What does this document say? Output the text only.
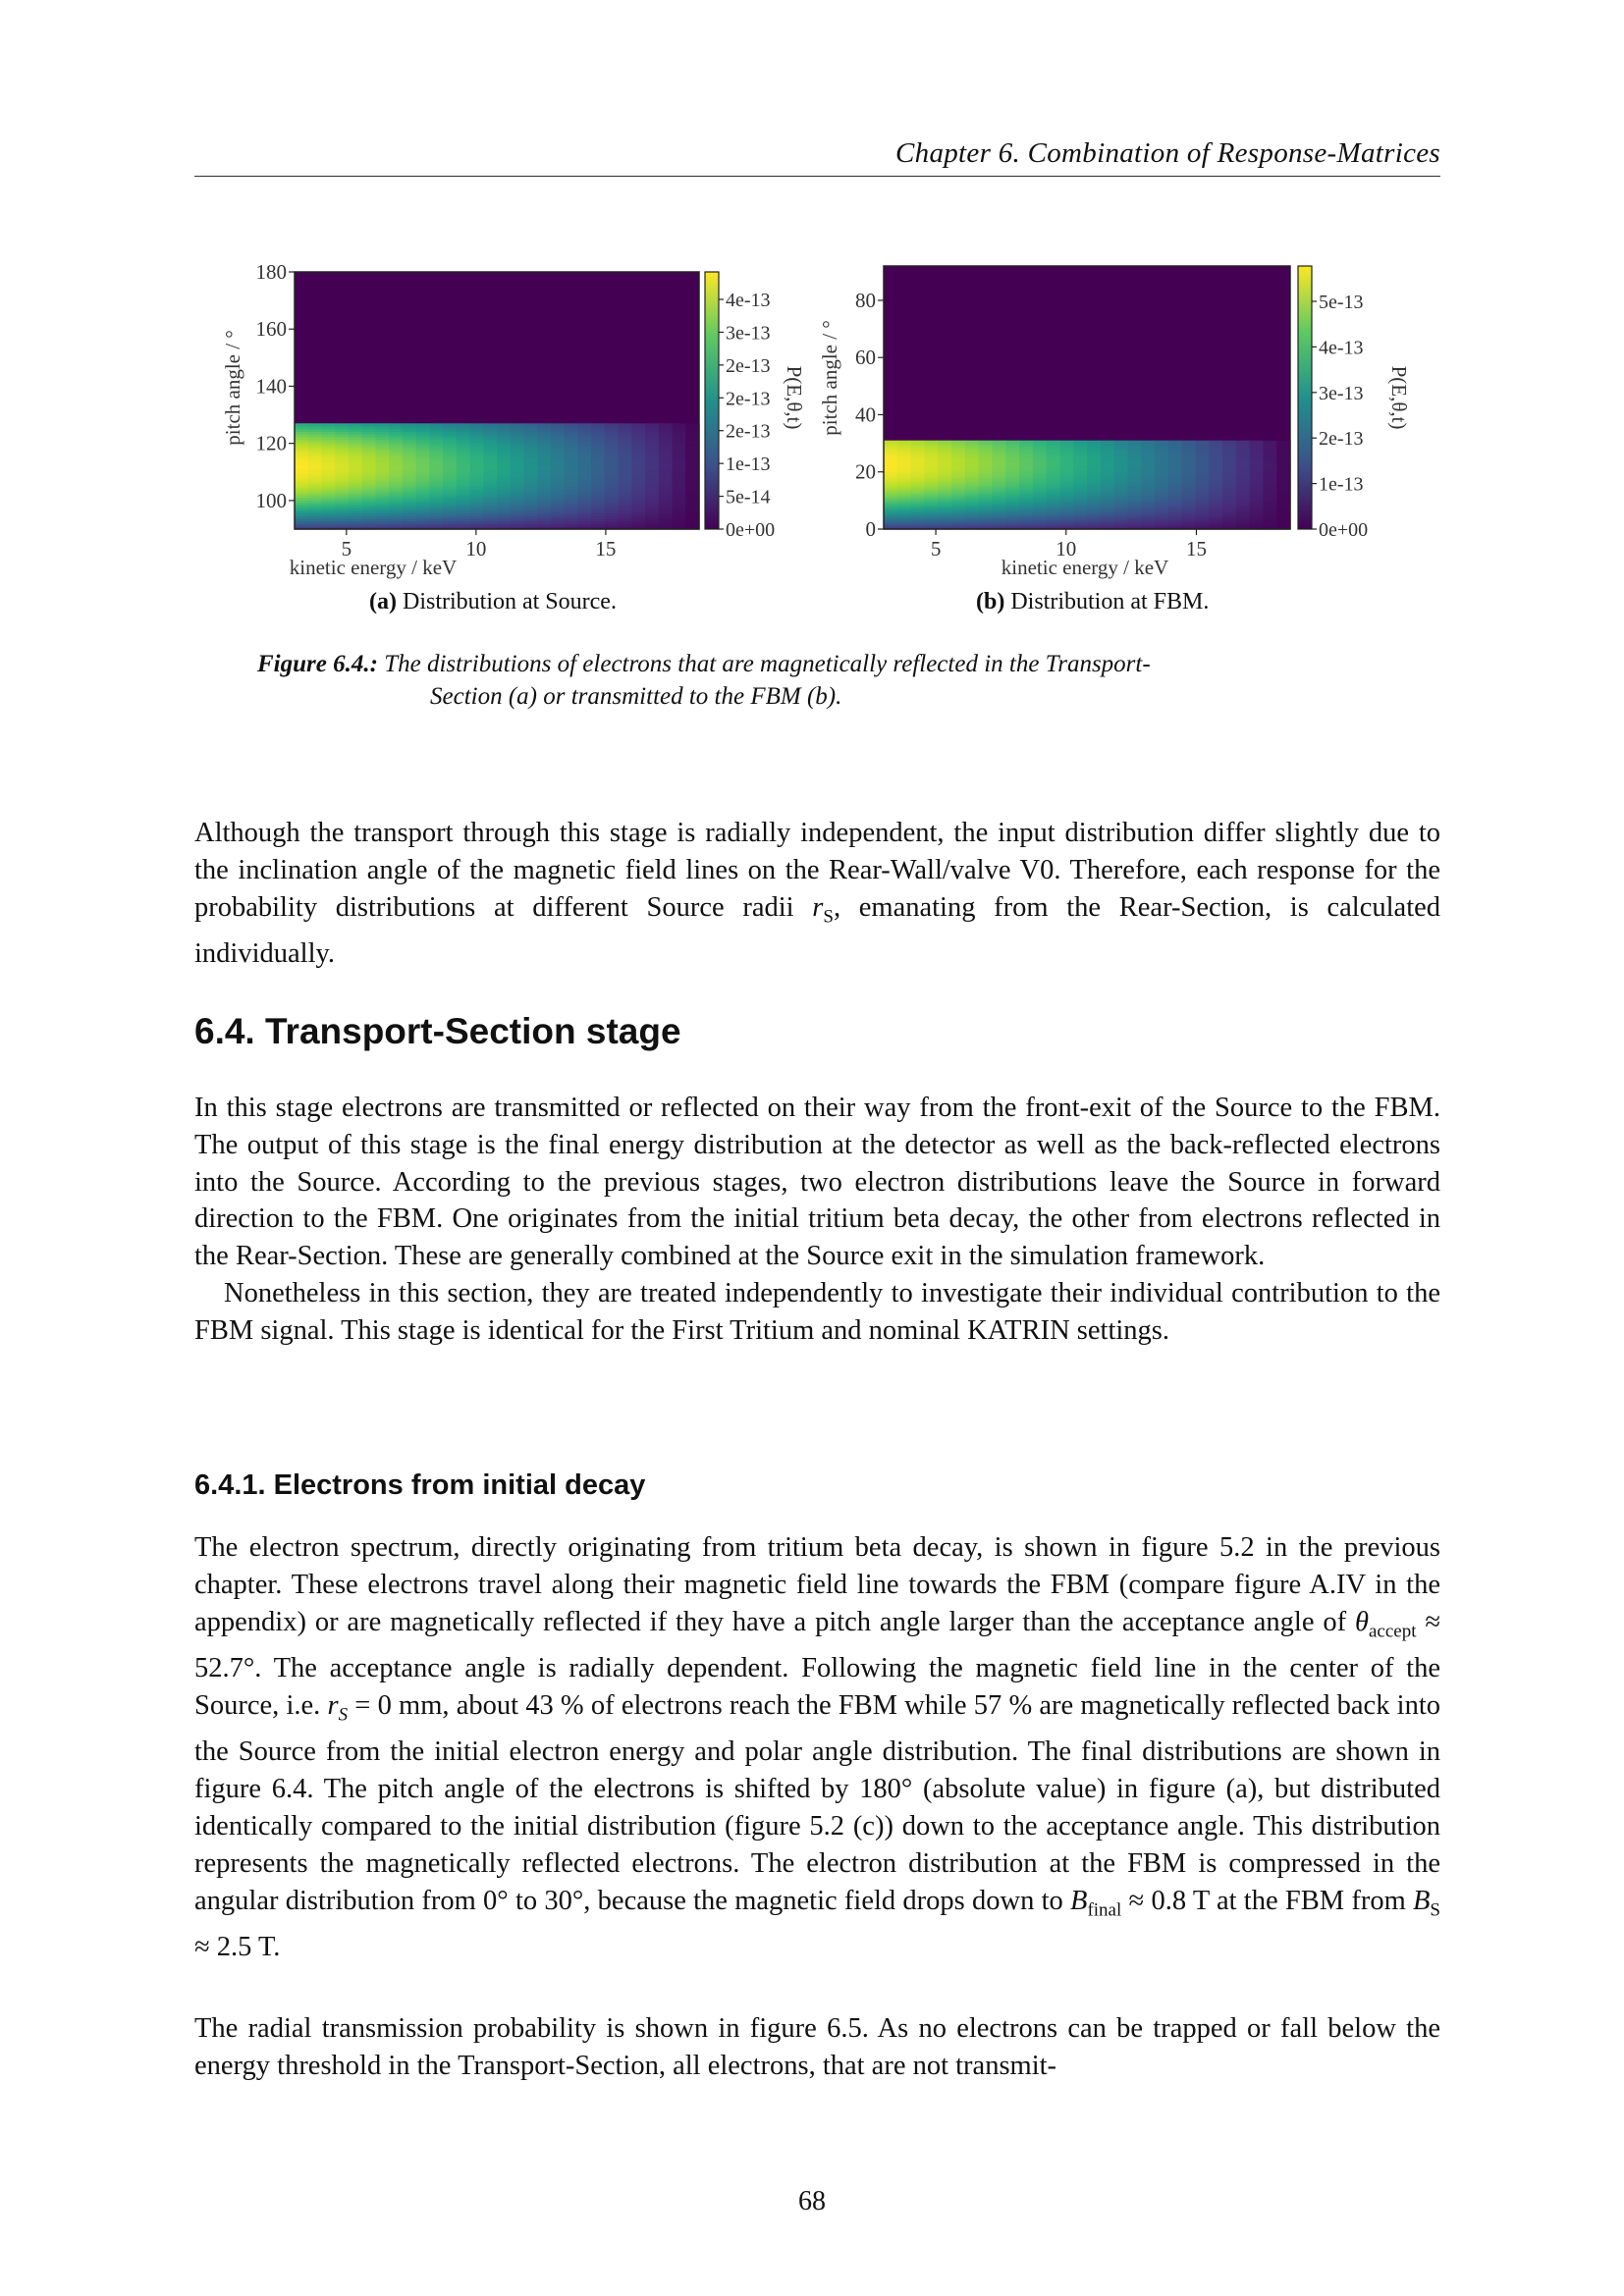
Chapter 6. Combination of Response-Matrices
5	10	15
100
120
140
160
180
4e-13
3e-13
2e-13
2e-13
2e-13
1e-13
5e-14
0e+00
kinetic energy / keV
pitch angle / °	P(E,θ,t)
5	10	15
0
20
40
60
80	5e-13
4e-13
3e-13
2e-13
1e-13
0e+00
kinetic energy / keV
pitch angle / °	P(E,θ,t)
(a) Distribution at Source.	(b) Distribution at FBM.
Figure 6.4.: The distributions of electrons that are magnetically reflected in the Transport-
Section (a) or transmitted to the FBM (b).

Although the transport through this stage is radially independent, the input distribution differ slightly due to the inclination angle of the magnetic field lines on the Rear-Wall/valve V0. Therefore, each response for the probability distributions at different Source radii $r_S$, emanating from the Rear-Section, is calculated individually.

6.4. Transport-Section stage

In this stage electrons are transmitted or reflected on their way from the front-exit of the Source to the FBM. The output of this stage is the final energy distribution at the detector as well as the back-reflected electrons into the Source. According to the previous stages, two electron distributions leave the Source in forward direction to the FBM. One originates from the initial tritium beta decay, the other from electrons reflected in the Rear-Section. These are generally combined at the Source exit in the simulation framework.

Nonetheless in this section, they are treated independently to investigate their individual contribution to the FBM signal. This stage is identical for the First Tritium and nominal KATRIN settings.

6.4.1. Electrons from initial decay

The electron spectrum, directly originating from tritium beta decay, is shown in figure 5.2 in the previous chapter. These electrons travel along their magnetic field line towards the FBM (compare figure A.IV in the appendix) or are magnetically reflected if they have a pitch angle larger than the acceptance angle of $\theta_{accept} \approx 52.7^\circ$. The acceptance angle is radially dependent. Following the magnetic field line in the center of the Source, i.e. $r_S = 0$ mm, about 43 % of electrons reach the FBM while 57 % are magnetically reflected back into the Source from the initial electron energy and polar angle distribution. The final distributions are shown in figure 6.4. The pitch angle of the electrons is shifted by 180° (absolute value) in figure (a), but distributed identically compared to the initial distribution (figure 5.2 (c)) down to the acceptance angle. This distribution represents the magnetically reflected electrons. The electron distribution at the FBM is compressed in the angular distribution from 0° to 30°, because the magnetic field drops down to $B_{final} \approx 0.8$ T at the FBM from $B_S \approx 2.5$ T.

The radial transmission probability is shown in figure 6.5. As no electrons can be trapped or fall below the energy threshold in the Transport-Section, all electrons, that are not transmit-

68
